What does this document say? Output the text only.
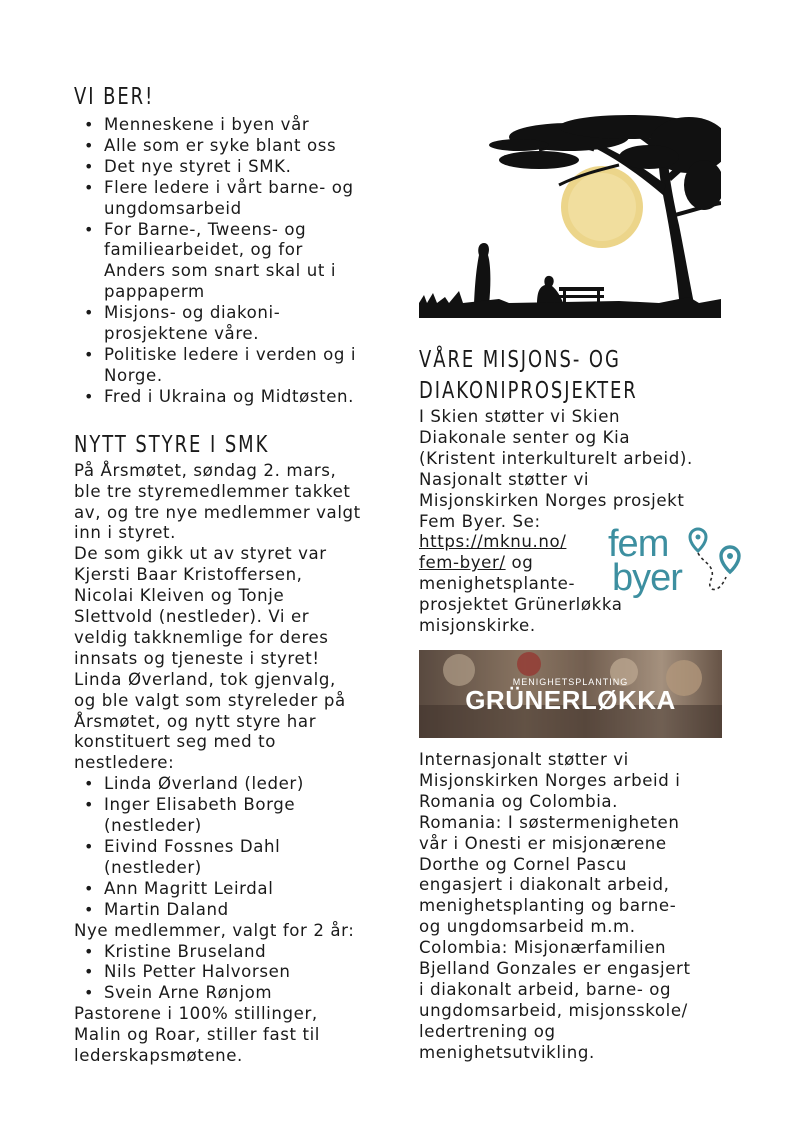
VI BER!
• Menneskene i byen vår
• Alle som er syke blant oss
• Det nye styret i SMK.
• Flere ledere i vårt barne- og
ungdomsarbeid
• For Barne-, Tweens- og
familiearbeidet, og for
Anders som snart skal ut i
pappaperm
• Misjons- og diakoni-
prosjektene våre.
• Politiske ledere i verden og i
Norge.
• Fred i Ukraina og Midtøsten.
NYTT STYRE I SMK
På Årsmøtet, søndag 2. mars,
ble tre styremedlemmer takket
av, og tre nye medlemmer valgt
inn i styret.
De som gikk ut av styret var
Kjersti Baar Kristoffersen,
Nicolai Kleiven og Tonje
Slettvold (nestleder). Vi er
veldig takknemlige for deres
innsats og tjeneste i styret!
Linda Øverland, tok gjenvalg,
og ble valgt som styreleder på
Årsmøtet, og nytt styre har
konstituert seg med to
nestledere:
• Linda Øverland (leder)
• Inger Elisabeth Borge
(nestleder)
• Eivind Fossnes Dahl
(nestleder)
• Ann Magritt Leirdal
• Martin Daland
Nye medlemmer, valgt for 2 år:
• Kristine Bruseland
• Nils Petter Halvorsen
• Svein Arne Rønjom
Pastorene i 100% stillinger,
Malin og Roar, stiller fast til
lederskapsmøtene.
VÅRE MISJONS- OG
DIAKONIPROSJEKTER
I Skien støtter vi Skien
Diakonale senter og Kia
(Kristent interkulturelt arbeid).
Nasjonalt støtter vi
Misjonskirken Norges prosjekt
Fem Byer. Se:
https://mknu.no/
fem-byer/ og
menighetsplante-
prosjektet Grünerløkka
misjonskirke.
fem
byer
MENIGHETSPLANTING
GRÜNERLØKKA
Internasjonalt støtter vi
Misjonskirken Norges arbeid i
Romania og Colombia.
Romania: I søstermenigheten
vår i Onesti er misjonærene
Dorthe og Cornel Pascu
engasjert i diakonalt arbeid,
menighetsplanting og barne-
og ungdomsarbeid m.m.
Colombia: Misjonærfamilien
Bjelland Gonzales er engasjert
i diakonalt arbeid, barne- og
ungdomsarbeid, misjonsskole/
ledertrening og
menighetsutvikling.
